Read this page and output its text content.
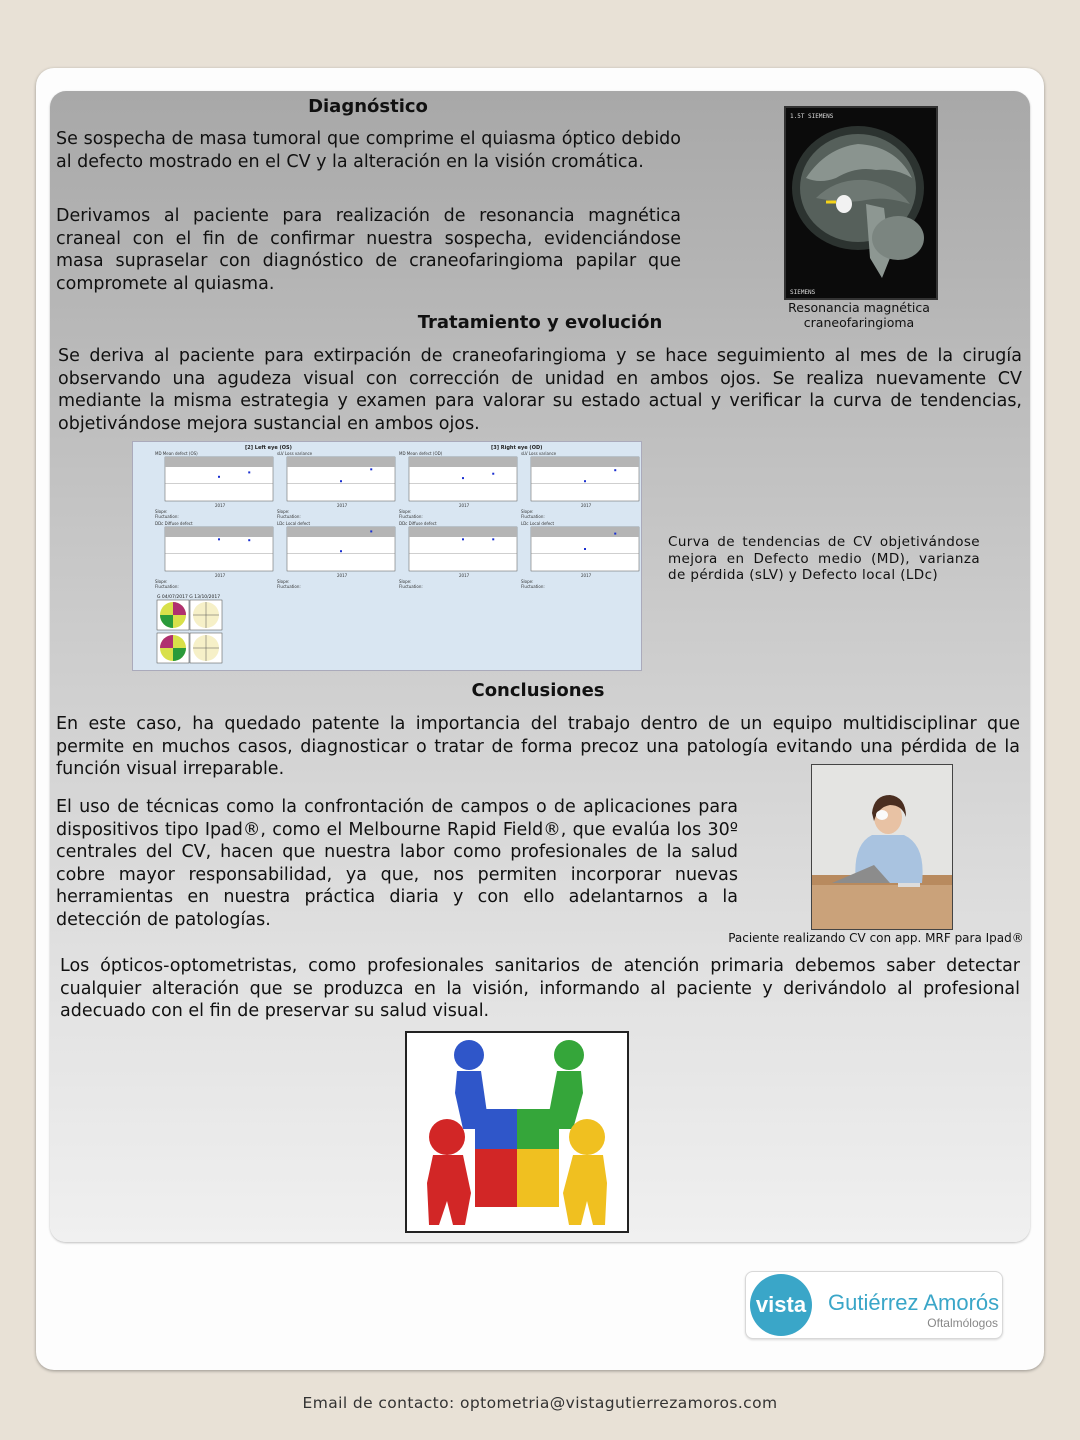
Diagnóstico

Se sospecha de masa tumoral que comprime el quiasma óptico debido al defecto mostrado en el CV y la alteración en la visión cromática.

Derivamos al paciente para realización de resonancia magnética craneal con el fin de confirmar nuestra sospecha, evidenciándose masa supraselar con diagnóstico de craneofaringioma papilar que compromete al quiasma.

1.5T SIEMENS
SIEMENS
Resonancia magnética
craneofaringioma
Tratamiento y evolución

Se deriva al paciente para extirpación de craneofaringioma y se hace seguimiento al mes de la cirugía observando una agudeza visual con corrección de unidad en ambos ojos. Se realiza nuevamente CV mediante la misma estrategia y examen para valorar su estado actual y verificar la curva de tendencias, objetivándose mejora sustancial en ambos ojos.

[2] Left eye (OS)	[3] Right eye (OD)
MD Mean defect (OS)
2017
Slope:
Fluctuation:
sLV Loss variance
2017
Slope:
Fluctuation:
MD Mean defect (OD)
2017
Slope:
Fluctuation:
sLV Loss variance
2017
Slope:
Fluctuation:
DDc Diffuse defect
2017
Slope:
Fluctuation:
LDc Local defect
2017
Slope:
Fluctuation:
DDc Diffuse defect
2017
Slope:
Fluctuation:
LDc Local defect
2017
Slope:
Fluctuation:
G 04/07/2017 G 13/10/2017
Curva de tendencias de CV objetivándose mejora en Defecto medio (MD), varianza de pérdida (sLV) y Defecto local (LDc)
Conclusiones

En este caso, ha quedado patente la importancia del trabajo dentro de un equipo multidisciplinar que permite en muchos casos, diagnosticar o tratar de forma precoz una patología evitando una pérdida de la función visual irreparable.

El uso de técnicas como la confrontación de campos o de aplicaciones para dispositivos tipo Ipad®, como el Melbourne Rapid Field®, que evalúa los 30º centrales del CV, hacen que nuestra labor como profesionales de la salud cobre mayor responsabilidad, ya que, nos permiten incorporar nuevas herramientas en nuestra práctica diaria y con ello adelantarnos a la detección de patologías.

Paciente realizando CV con app. MRF para Ipad®

Los ópticos-optometristas, como profesionales sanitarios de atención primaria debemos saber detectar cualquier alteración que se produzca en la visión, informando al paciente y derivándolo al profesional adecuado con el fin de preservar su salud visual.

vista Gutiérrez Amorós
Oftalmólogos
Email de contacto: optometria@vistagutierrezamoros.com
